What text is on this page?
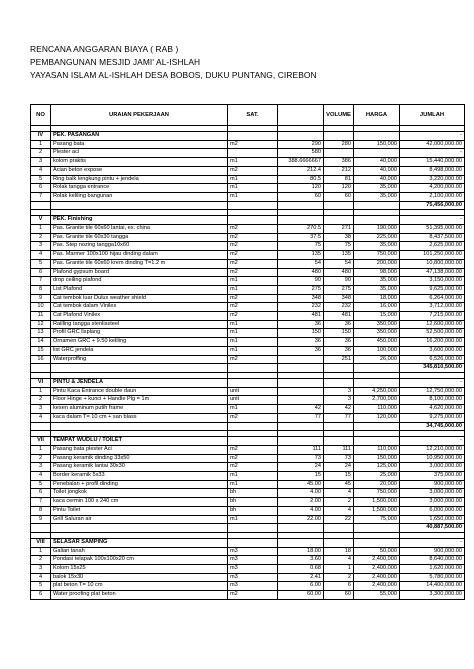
RENCANA ANGGARAN BIAYA ( RAB )
PEMBANGUNAN MESJID JAMI' AL-ISHLAH
YAYASAN ISLAM AL-ISHLAH DESA BOBOS, DUKU PUNTANG, CIREBON
NO	URAIAN PEKERJAAN	SAT.		VOLUME	HARGA	JUMLAH

IV	PEK. PASANGAN					-
1	Pasang bata	m2	290	280	150,000	42,000,000.00
2	Plester aci		580			-
3	kolom praktis	m1	388.6666667	386	40,000	15,440,000.00
4	Acian beton expose	m2	212.4	212	40,000	8,498,000.00
5	Ring balk lengkung pintu + jendela	m1	80.5	81	40,000	3,220,000.00
6	Rolak tangga entrance	m1	120	120	35,000	4,200,000.00
7	Rolak keliling bangunan	m1	60	60	35,000	2,100,000.00
						75,456,000.00

V	PEK. Finishing					-
1	Pas. Granite tile 60x60 lantai, ex. china	m2	270.5	271	190,000	51,395,000.00
2	Pas. Granite tile 60x30 tangga	m2	37.5	38	225,000	8,437,500.00
3	Pas. Step nozing tangga10x60	m2	75	75	35,000	2,625,000.00
4	Pas. Marmer 100x100 hijau dinding dalam	m2	135	135	750,000	101,250,000.00
5	Pas. Granite tile 60x60 krem dinding T=1.2 m	m2	54	54	200,000	10,800,000.00
6	Plafond gypsum board	m2	480	480	98,000	47,138,000.00
7	drop ceiling plafond	m1	90	90	35,000	3,150,000.00
8	List Plafond	m1	275	275	35,000	9,625,000.00
9	Cat tembok luar Dulux weather shield	m2	348	348	18,000	6,264,000.00
10	Cat tembok dalam Vinilex	m2	232	232	16,000	3,712,000.00
11	Cat Plafond Vinilex	m2	481	481	15,000	7,215,000.00
12	Railling tangga stenlissteel	m1	36	36	350,000	12,600,000.00
13	Profil GRC lisplang	m1	150	150	350,000	52,500,000.00
14	Ornamen GRC + 9.50 keliling	m1	36	36	450,000	16,200,000.00
15	list GRC jendela	m1	36	36	100,000	3,600,000.00
16	Waterproffing	m2		251	26,000	6,526,000.00
						345,810,500.00

VI	PINTU & JENDELA					-
1	Pintu Kaca Entrance double daun	unit		3	4,250,000	12,750,000.00
2	Floor Hinge + kunci + Handle Plg = 1m	unit		3	2,700,000	8,100,000.00
3	kesen aluminum putih frame	m1	42	42	110,000	4,620,000.00
4	kaca dalam T= 10 cm + san blass	m2	77	77	120,000	9,275,000.00
						34,745,000.00

VII	TEMPAT WUDLU / TOILET					-
1	Pasang bata plester Aci	m2	111	111	110,000	12,210,000.00
2	Pasang keramik dinding 33x50	m2	73	73	150,000	10,950,000.00
3	Pasang keramik lantai 30x30	m2	24	24	125,000	3,000,000.00
4	Border keramik 5x33	m1	15	15	25,000	375,000.00
5	Penebalan + profil dinding	m1	45.00	45	20,000	900,000.00
6	Toilet jongkok	bh	4.00	4	750,000	3,000,000.00
7	kaca cermin 100 x 240 cm	bh	2.00	2	1,500,000	3,000,000.00
8	Pintu Toilet	bh	4.00	4	1,500,000	6,000,000.00
9	Grill Saluran air	m1	22.00	22	75,000	1,650,000.00
						40,887,500.00

VIII	SELASAR SAMPING					-
1	Galian tanah	m3	18.00	18	50,000	900,000.00
2	Pondasi telapak 100x100x20 cm	m3	3.60	4	2,400,000	8,640,000.00
3	Kolom 15x25	m3	0.68	1	2,400,000	1,620,000.00
4	balok 15x30	m3	2.41	2	2,400,000	5,780,000.00
5	plat beton T= 10 cm	m3	6.00	6	2,400,000	14,400,000.00
6	Water proofing plat beton	m2	60.00	60	55,000	3,300,000.00
